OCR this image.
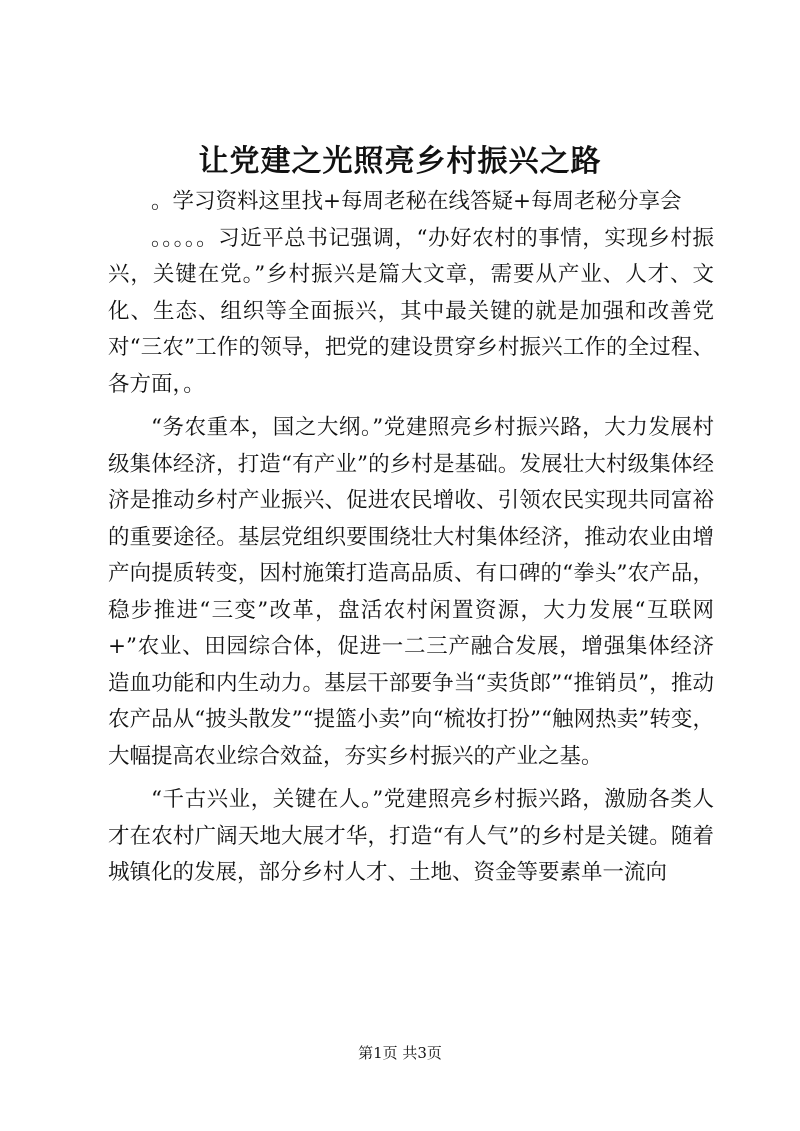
让党建之光照亮乡村振兴之路

。学习资料这里找+每周老秘在线答疑+每周老秘分享会

。。。。。习近平总书记强调，“办好农村的事情，实现乡村振兴，关键在党。”乡村振兴是篇大文章，需要从产业、人才、文化、生态、组织等全面振兴，其中最关键的就是加强和改善党对“三农”工作的领导，把党的建设贯穿乡村振兴工作的全过程、各方面，。

“务农重本，国之大纲。”党建照亮乡村振兴路，大力发展村级集体经济，打造“有产业”的乡村是基础。发展壮大村级集体经济是推动乡村产业振兴、促进农民增收、引领农民实现共同富裕的重要途径。基层党组织要围绕壮大村集体经济，推动农业由增产向提质转变，因村施策打造高品质、有口碑的“拳头”农产品，稳步推进“三变”改革，盘活农村闲置资源，大力发展“互联网+”农业、田园综合体，促进一二三产融合发展，增强集体经济造血功能和内生动力。基层干部要争当“卖货郎”“推销员”，推动农产品从“披头散发”“提篮小卖”向“梳妆打扮”“触网热卖”转变，大幅提高农业综合效益，夯实乡村振兴的产业之基。

“千古兴业，关键在人。”党建照亮乡村振兴路，激励各类人才在农村广阔天地大展才华，打造“有人气”的乡村是关键。随着城镇化的发展，部分乡村人才、土地、资金等要素单一流向

第1页 共3页
